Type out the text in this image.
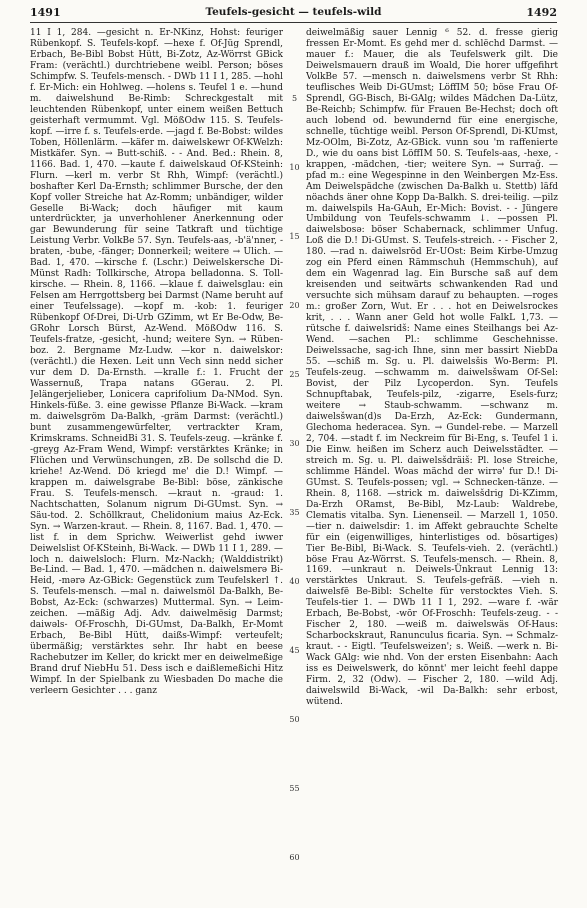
1491	Teufels-gesicht — teufels-wild	1492

11 I 1, 284. —gesicht n. Er-NKinz, Hohst: feuriger Rübenkopf. S. Teufels-kopf. —hexe f. Of-Jüg Sprendl, Erbach, Be-Bibl Bobst Hütt, Bi-Zotz, Az-Wörrst GBick Fram: (verächtl.) durchtriebene weibl. Person; böses Schimpfw. S. Teufels-mensch. - DWb 11 I 1, 285. —hohl f. Er-Mich: ein Hohlweg. —holens s. Teufel 1 e. —hund m. daiwelshund Be-Rimb: Schreckgestalt mit leuchtenden Rübenkopf, unter einem weißen Bettuch geisterhaft vermummt. Vgl. MößOdw 115. S. Teufels-kopf. —irre f. s. Teufels-erde. —jagd f. Be-Bobst: wildes Toben, Höllenlärm. —käfer m. daiwelskewr Of-KWelzh: Mistkäfer. Syn. → Butt-schiß. - - And. Bed.: Rhein. 8, 1166. Bad. 1, 470. —kaute f. daiwelskaud Of-KSteinh: Flurn. —kerl m. verbr St Rhh, Wimpf: (verächtl.) boshafter Kerl Da-Ernsth; schlimmer Bursche, der den Kopf voller Streiche hat Az-Romm; unbändiger, wilder Geselle Bi-Wack; doch häufiger mit kaum unterdrückter, ja unverhohlener Anerkennung oder gar Bewunderung für seine Tatkraft und tüchtige Leistung Verbr. VolkBe 57. Syn. Teufels-aas, -b'ä'nner, -braten, -bube, -fänger; Donnerkeil; weitere → Ulich. — Bad. 1, 470. —kirsche f. (Lschr.) Deiwelskersche Di-Münst Radh: Tollkirsche, Atropa belladonna. S. Toll-kirsche. — Rhein. 8, 1166. —klaue f. daiwelsglau: ein Felsen am Herrgottsberg bei Darmst (Name beruht auf einer Teufelssage). —kopf m. -kob: 1. feuriger Rübenkopf Of-Drei, Di-Urb GZimm, wt Er Be-Odw, Be-GRohr Lorsch Bürst, Az-Wend. MößOdw 116. S. Teufels-fratze, -gesicht, -hund; weitere Syn. → Rüben-boz. 2. Bergname Mz-Ludw. —kor n. daiwelskor: (verächtl.) die Hexen. Leit unn Vech sinn nedd sicher vur dem D. Da-Ernsth. —kralle f.: 1. Frucht der Wassernuß, Trapa natans GGerau. 2. Pl. Jelängerjelieber, Lonicera caprifolium Da-NMod. Syn. Hinkels-füße. 3. eine gewisse Pflanze Bi-Wack. —kram m. daiwelsgröm Da-Balkh, -gräm Darmst: (verächtl.) bunt zusammengewürfelter, vertrackter Kram, Krimskrams. SchneidBi 31. S. Teufels-zeug. —kränke f. -greyg Az-Fram Wend, Wimpf: verstärktes Kränke; in Flüchen und Verwünschungen, zB. De sollschd die D. kriehe! Az-Wend. Dö kriegd me' die D.! Wimpf. —krappen m. daiwelsgrabe Be-Bibl: böse, zänkische Frau. S. Teufels-mensch. —kraut n. -graud: 1. Nachtschatten, Solanum nigrum Di-GUmst. Syn. → Säu-tod. 2. Schöllkraut, Chelidonium maius Az-Eck. Syn. → Warzen-kraut. — Rhein. 8, 1167. Bad. 1, 470. —list f. in dem Sprichw. Weiwerlist gehd iwwer Deiwelslist Of-KSteinh, Bi-Wack. — DWb 11 I 1, 289. —loch n. daiwelsloch: Flurn. Mz-Nackh; (Walddistrikt) Be-Lind. — Bad. 1, 470. —mädchen n. daiwelsmerə Bi-Heid, -mərə Az-GBick: Gegenstück zum Teufelskerl ↑. S. Teufels-mensch. —mal n. daiwelsmöl Da-Balkh, Be-Bobst, Az-Eck: (schwarzes) Muttermal. Syn. → Leim-zeichen. —mäßig Adj. Adv. daiwelmësig Darmst; daiwəls- Of-Froschh, Di-GUmst, Da-Balkh, Er-Momt Erbach, Be-Bibl Hütt, daißs-Wimpf: verteufelt; übermäßig; verstärktes sehr. Ihr habt en beese Rachebutzer im Keller, do krickt mer en deiwelmeßige Brand druf NiebHu 51. Dess isch e daißlemeßichi Hitz Wimpf. In der Spielbank zu Wiesbaden Do mache die verleern Gesichter . . . ganz

5
10
15
20
25
30
35
40
45
50
55
60

deiwelmäßig sauer Lennig ⁶ 52. d. fresse gierig fressen Er-Momt. Es gehd mer d. schlëchd Darmst. —mauer f.: Mauer, die als Teufelswerk gilt. Die Deiwelsmauern drauß im Woald, Die horer uffgefihrt VolkBe 57. —mensch n. daiwelsmens verbr St Rhh: teuflisches Weib Di-GUmst; LöffIM 50; böse Frau Of-Sprendl, GG-Bisch, Bi-GAlg; wildes Mädchen Da-Lütz, Be-Reichb; Schimpfw. für Frauen Be-Hechst; doch oft auch lobend od. bewundernd für eine energische, schnelle, tüchtige weibl. Person Of-Sprendl, Di-KUmst, Mz-OOlm, Bi-Zotz, Az-GBick. vunn sou 'm raffenierte D., wie du oans bist LöffIM 50. S. Teufels-aas, -hexe, -krappen, -mädchen, -tier; weitere Syn. → Surrağ. —pfad m.: eine Wegespinne in den Weinbergen Mz-Ess. Am Deiwelspädche (zwischen Da-Balkh u. Stettb) läfd nöachds äner ohne Kopp Da-Balkh. S. drei-teilig. —pilz m. daiwelspils Ha-GAuh, Er-Mich: Bovist. - - Jüngere Umbildung von Teufels-schwamm ↓. —possen Pl. daiwelsbosə: böser Schabernack, schlimmer Unfug. Loß die D.! Di-GUmst. S. Teufels-streich. - - Fischer 2, 180. —rad n. daiwelsröd Er-UOst: Beim Kirbe-Umzug zog ein Pferd einen Rämmschuh (Hemmschuh), auf dem ein Wagenrad lag. Ein Bursche saß auf dem kreisenden und seitwärts schwankenden Rad und versuchte sich mühsam darauf zu behaupten. —roges m.: großer Zorn, Wut. Er . . . hot en Deiwelsrockes krit, . . . Wann aner Geld hot wolle FalkL 1,73. —rütsche f. daiwelsridš: Name eines Steilhangs bei Az-Wend. —sachen Pl.: schlimme Geschehnisse. Deiwelssache, sag-ich Ihne, sinn mer bassirt NiebDa 55. —schiß m. Sg. u. Pl. daiwelsšis Wo-Berm: Pl. Teufels-zeug. —schwamm m. daiwelsšwam Of-Sel: Bovist, der Pilz Lycoperdon. Syn. Teufels Schnupftabak, Teufels-pilz, -zigarre, Esels-furz; weitere → Staub-schwamm. —schwanz m. daiwelsšwan(d)s Da-Erzh, Az-Eck: Gundermann, Glechoma hederacea. Syn. → Gundel-rebe. — Marzell 2, 704. —stadt f. im Neckreim für Bi-Eng, s. Teufel 1 i. Die Einw. heißen im Scherz auch Deiwelsstädter. —streich m. Sg. u. Pl. daiwelsšdräiš: Pl. lose Streiche, schlimme Händel. Woas mächd der wirrə' fur D.! Di-GUmst. S. Teufels-possen; vgl. → Schnecken-tänze. — Rhein. 8, 1168. —strick m. daiwelsšdrig Di-KZimm, Da-Erzh ORamst, Be-Bibl, Mz-Laub: Waldrebe, Clematis vitalba. Syn. Lienenseil. — Marzell 1, 1050. —tier n. daiwelsdir: 1. im Affekt gebrauchte Schelte für ein (eigenwilliges, hinterlistiges od. bösartiges) Tier Be-Bibl, Bi-Wack. S. Teufels-vieh. 2. (verächtl.) böse Frau Az-Wörrst. S. Teufels-mensch. — Rhein. 8, 1169. —unkraut n. Deiwels-Ünkraut Lennig 13: verstärktes Unkraut. S. Teufels-gefräß. —vieh n. daiwelsfē Be-Bibl: Schelte für verstocktes Vieh. S. Teufels-tier 1. — DWb 11 I 1, 292. —ware f. -wär Erbach, Be-Bobst, -wōr Of-Froschh: Teufels-zeug. - - Fischer 2, 180. —weiß m. daiwelswäs Of-Haus: Scharbockskraut, Ranunculus ficaria. Syn. → Schmalz-kraut. - - Eigtl. 'Teufelsweizen'; s. Weiß. —werk n. Bi-Wack GAlg: wie nhd. Von der ersten Eisenbahn: Aach iss es Deiwelswerk, do könnt' mer leicht feehl dappe Firm. 2, 32 (Odw). — Fischer 2, 180. —wild Adj. daiwelswild Bi-Wack, -wil Da-Balkh: sehr erbost, wütend.
